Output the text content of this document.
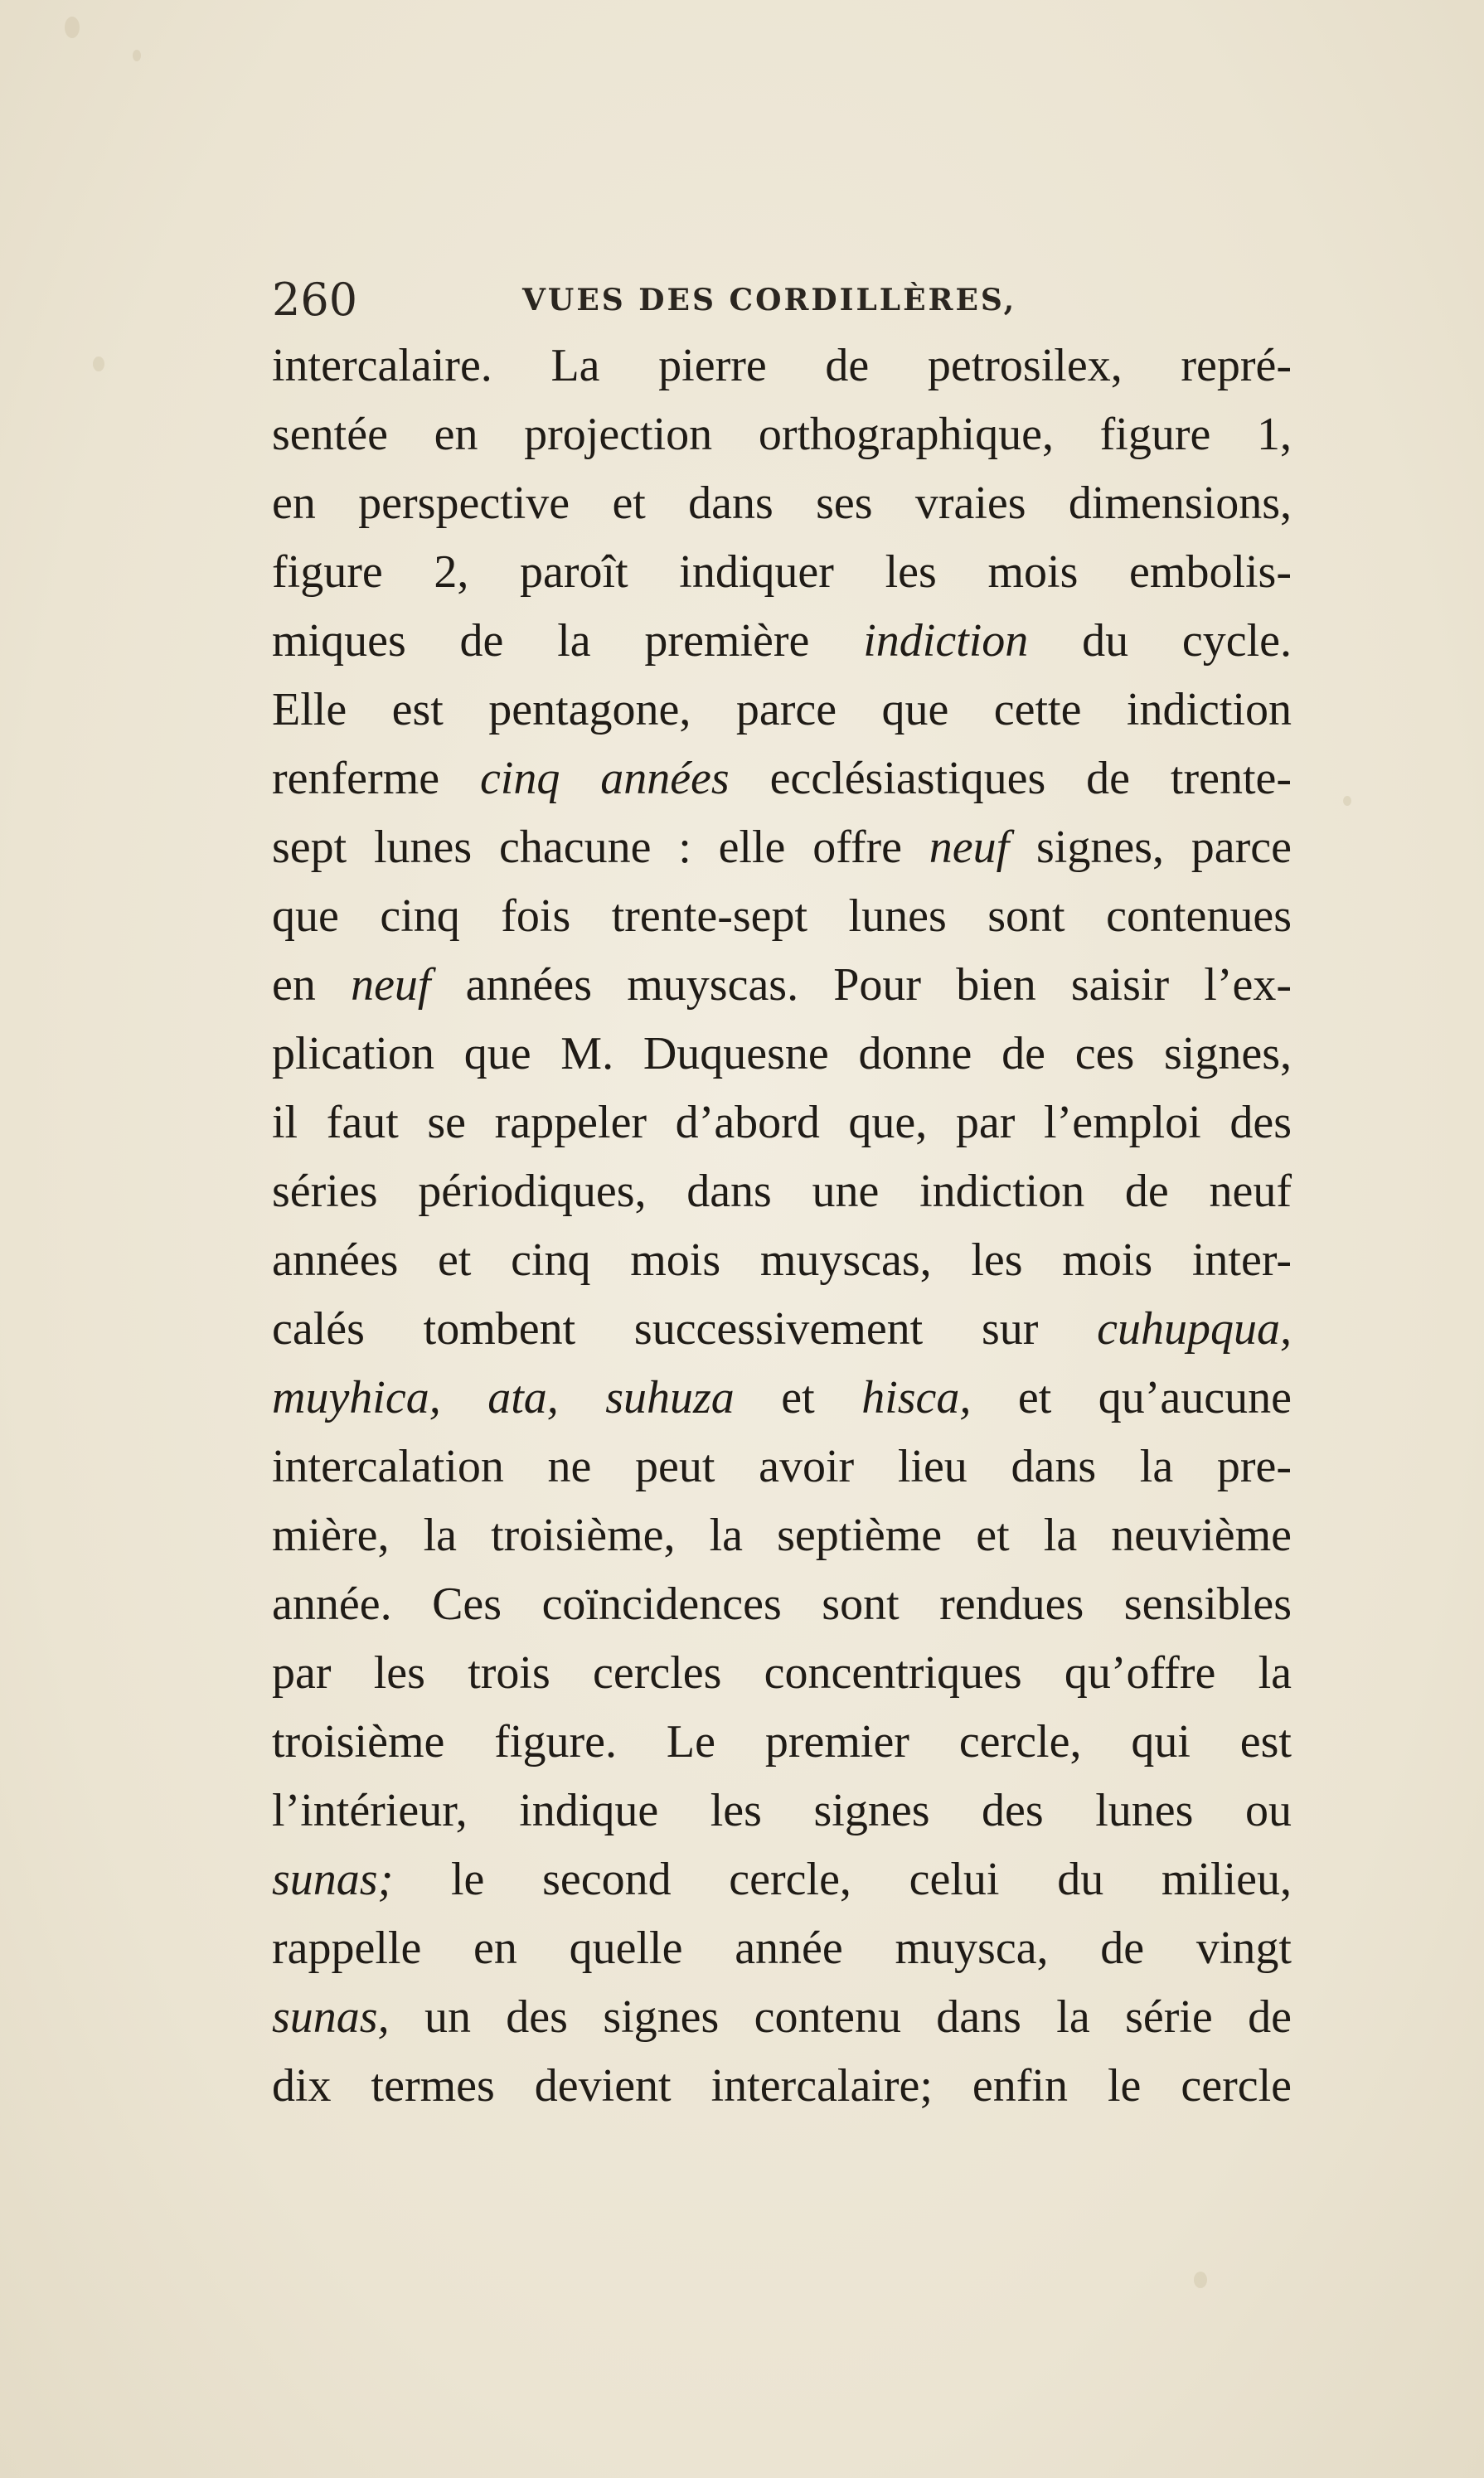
260	VUES DES CORDILLÈRES,
intercalaire. La pierre de petrosilex, repré-
sentée en projection orthographique, figure 1,
en perspective et dans ses vraies dimensions,
figure 2, paroît indiquer les mois embolis-
miques de la première indiction du cycle.
Elle est pentagone, parce que cette indiction
renferme cinq années ecclésiastiques de trente-
sept lunes chacune : elle offre neuf signes, parce
que cinq fois trente-sept lunes sont contenues
en neuf années muyscas. Pour bien saisir l’ex-
plication que M. Duquesne donne de ces signes,
il faut se rappeler d’abord que, par l’emploi des
séries périodiques, dans une indiction de neuf
années et cinq mois muyscas, les mois inter-
calés tombent successivement sur cuhupqua,
muyhica, ata, suhuza et hisca, et qu’aucune
intercalation ne peut avoir lieu dans la pre-
mière, la troisième, la septième et la neuvième
année. Ces coïncidences sont rendues sensibles
par les trois cercles concentriques qu’offre la
troisième figure. Le premier cercle, qui est
l’intérieur, indique les signes des lunes ou
sunas; le second cercle, celui du milieu,
rappelle en quelle année muysca, de vingt
sunas, un des signes contenu dans la série de
dix termes devient intercalaire; enfin le cercle
